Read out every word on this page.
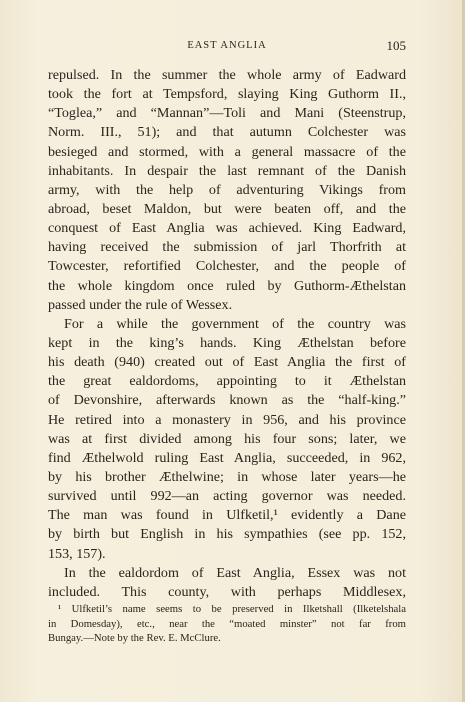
EAST ANGLIA	105
repulsed. In the summer the whole army of Eadward
took the fort at Tempsford, slaying King Guthorm II.,
“Toglea,” and “Mannan”—Toli and Mani (Steenstrup,
Norm. III., 51); and that autumn Colchester was
besieged and stormed, with a general massacre of the
inhabitants. In despair the last remnant of the Danish
army, with the help of adventuring Vikings from
abroad, beset Maldon, but were beaten off, and the
conquest of East Anglia was achieved. King Eadward,
having received the submission of jarl Thorfrith at
Towcester, refortified Colchester, and the people of
the whole kingdom once ruled by Guthorm-Æthelstan
passed under the rule of Wessex.
For a while the government of the country was
kept in the king’s hands. King Æthelstan before
his death (940) created out of East Anglia the first of
the great ealdordoms, appointing to it Æthelstan
of Devonshire, afterwards known as the “half-king.”
He retired into a monastery in 956, and his province
was at first divided among his four sons; later, we
find Æthelwold ruling East Anglia, succeeded, in 962,
by his brother Æthelwine; in whose later years—he
survived until 992—an acting governor was needed.
The man was found in Ulfketil,¹ evidently a Dane
by birth but English in his sympathies (see pp. 152,
153, 157).
In the ealdordom of East Anglia, Essex was not
included. This county, with perhaps Middlesex,
¹ Ulfketil’s name seems to be preserved in Ilketshall (Ilketelshala
in Domesday), etc., near the “moated minster” not far from
Bungay.—Note by the Rev. E. McClure.
